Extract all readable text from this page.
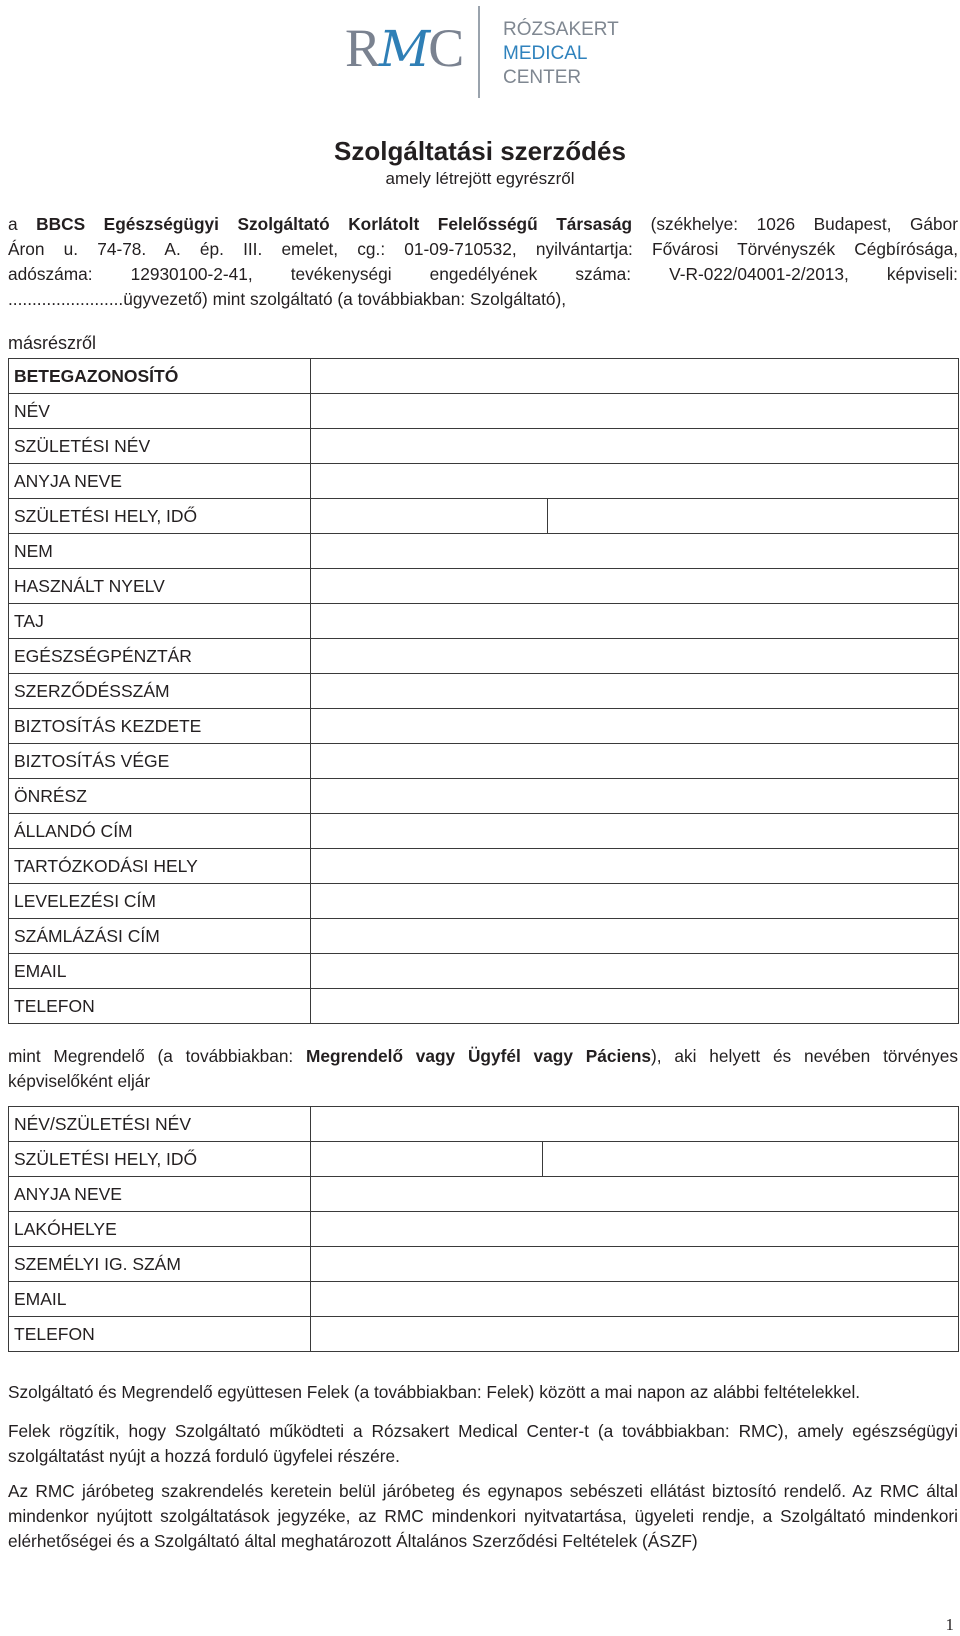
RMC RÓZSAKERT
MEDICAL
CENTER
Szolgáltatási szerződés
amely létrejött egyrészről
a BBCS Egészségügyi Szolgáltató Korlátolt Felelősségű Társaság (székhelye: 1026 Budapest, Gábor
Áron u. 74-78. A. ép. III. emelet, cg.: 01-09-710532, nyilvántartja: Fővárosi Törvényszék Cégbírósága,
adószáma: 12930100-2-41, tevékenységi engedélyének száma: V-R-022/04001-2/2013, képviseli:
........................ügyvezető) mint szolgáltató (a továbbiakban: Szolgáltató),
másrészről
BETEGAZONOSÍTÓ	
NÉV	
SZÜLETÉSI NÉV	
ANYJA NEVE	
SZÜLETÉSI HELY, IDŐ	

NEM	
HASZNÁLT NYELV	
TAJ	
EGÉSZSÉGPÉNZTÁR	
SZERZŐDÉSSZÁM	
BIZTOSÍTÁS KEZDETE	
BIZTOSÍTÁS VÉGE	
ÖNRÉSZ	
ÁLLANDÓ CÍM	
TARTÓZKODÁSI HELY	
LEVELEZÉSI CÍM	
SZÁMLÁZÁSI CÍM	
EMAIL	
TELEFON	
mint Megrendelő (a továbbiakban: Megrendelő vagy Ügyfél vagy Páciens), aki helyett és nevében törvényes képviselőként eljár
NÉV/SZÜLETÉSI NÉV	
SZÜLETÉSI HELY, IDŐ	

ANYJA NEVE	
LAKÓHELYE	
SZEMÉLYI IG. SZÁM	
EMAIL	
TELEFON	
Szolgáltató és Megrendelő együttesen Felek (a továbbiakban: Felek) között a mai napon az alábbi feltételekkel.
Felek rögzítik, hogy Szolgáltató működteti a Rózsakert Medical Center-t (a továbbiakban: RMC), amely egészségügyi szolgáltatást nyújt a hozzá forduló ügyfelei részére.
Az RMC járóbeteg szakrendelés keretein belül járóbeteg és egynapos sebészeti ellátást biztosító rendelő. Az RMC által mindenkor nyújtott szolgáltatások jegyzéke, az RMC mindenkori nyitvatartása, ügyeleti rendje, a Szolgáltató mindenkori elérhetőségei és a Szolgáltató által meghatározott Általános Szerződési Feltételek (ÁSZF)
1
